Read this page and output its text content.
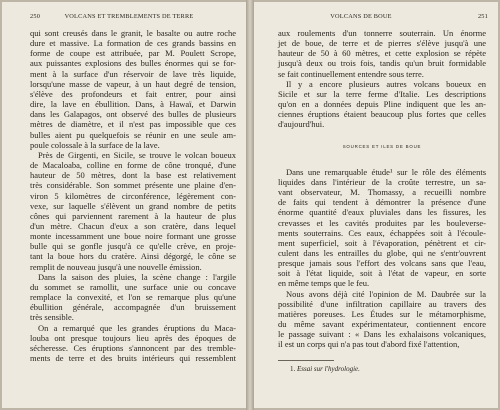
250	VOLCANS ET TREMBLEMENTS DE TERRE
qui sont creusés dans le granit, le basalte ou autre roche
dure et massive. La formation de ces grands bassins en
forme de coupe est attribuée, par M. Poulett Scrope,
aux puissantes explosions des bulles énormes qui se for-
ment à la surface d'un réservoir de lave très liquide,
lorsqu'une masse de vapeur, à un haut degré de tension,
s'élève des profondeurs et fait entrer, pour ainsi
dire, la lave en ébullition. Dans, à Hawaï, et Darwin
dans les Galapagos, ont observé des bulles de plusieurs
mètres de diamètre, et il n'est pas impossible que ces
bulles aient pu quelquefois se réunir en une seule am-
poule colossale à la surface de la lave.
Près de Girgenti, en Sicile, se trouve le volcan boueux
de Macaloaba, colline en forme de cône tronqué, d'une
hauteur de 50 mètres, dont la base est relativement
très considérable. Son sommet présente une plaine d'en-
viron 5 kilomètres de circonférence, légèrement con-
vexe, sur laquelle s'élèvent un grand nombre de petits
cônes qui parviennent rarement à la hauteur de plus
d'un mètre. Chacun d'eux a son cratère, dans lequel
monte incessamment une boue noire formant une grosse
bulle qui se gonfle jusqu'à ce qu'elle crève, en proje-
tant la boue hors du cratère. Ainsi dégorgé, le cône se
remplit de nouveau jusqu'à une nouvelle émission.
Dans la saison des pluies, la scène change : l'argile
du sommet se ramollit, une surface unie ou concave
remplace la convexité, et l'on se remarque plus qu'une
ébullition générale, accompagnée d'un bruissement
très sensible.
On a remarqué que les grandes éruptions du Maca-
louba ont presque toujours lieu après des époques de
sécheresse. Ces éruptions s'annoncent par des tremble-
ments de terre et des bruits intérieurs qui ressemblent
VOLCANS DE BOUE	251
aux roulements d'un tonnerre souterrain. Un énorme
jet de boue, de terre et de pierres s'élève jusqu'à une
hauteur de 50 à 60 mètres, et cette explosion se répète
jusqu'à deux ou trois fois, tandis qu'un bruit formidable
se fait continuellement entendre sous terre.
Il y a encore plusieurs autres volcans boueux en
Sicile et sur la terre ferme d'Italie. Les descriptions
qu'on en a données depuis Pline indiquent que les an-
ciennes éruptions étaient beaucoup plus fortes que celles
d'aujourd'hui.
SOURCES ET ILES DE BOUE
Dans une remarquable étude¹ sur le rôle des éléments
liquides dans l'intérieur de la croûte terrestre, un sa-
vant observateur, M. Thomassy, a recueilli nombre
de faits qui tendent à démontrer la présence d'une
énorme quantité d'eaux pluviales dans les fissures, les
crevasses et les cavités produites par les bouleverse-
ments souterrains. Ces eaux, échappées soit à l'écoule-
ment superficiel, soit à l'évaporation, pénètrent et cir-
culent dans les entrailles du globe, qui ne s'entr'ouvrent
presque jamais sous l'effort des volcans sans que l'eau,
soit à l'état liquide, soit à l'état de vapeur, en sorte
en même temps que le feu.
Nous avons déjà cité l'opinion de M. Daubrée sur la
possibilité d'une infiltration capillaire au travers des
matières poreuses. Les Études sur le métamorphisme,
du même savant expérimentateur, contiennent encore
le passage suivant : « Dans les exhalaisons volcaniques,
il est un corps qui n'a pas tout d'abord fixé l'attention,
1. Essai sur l'hydrologie.
